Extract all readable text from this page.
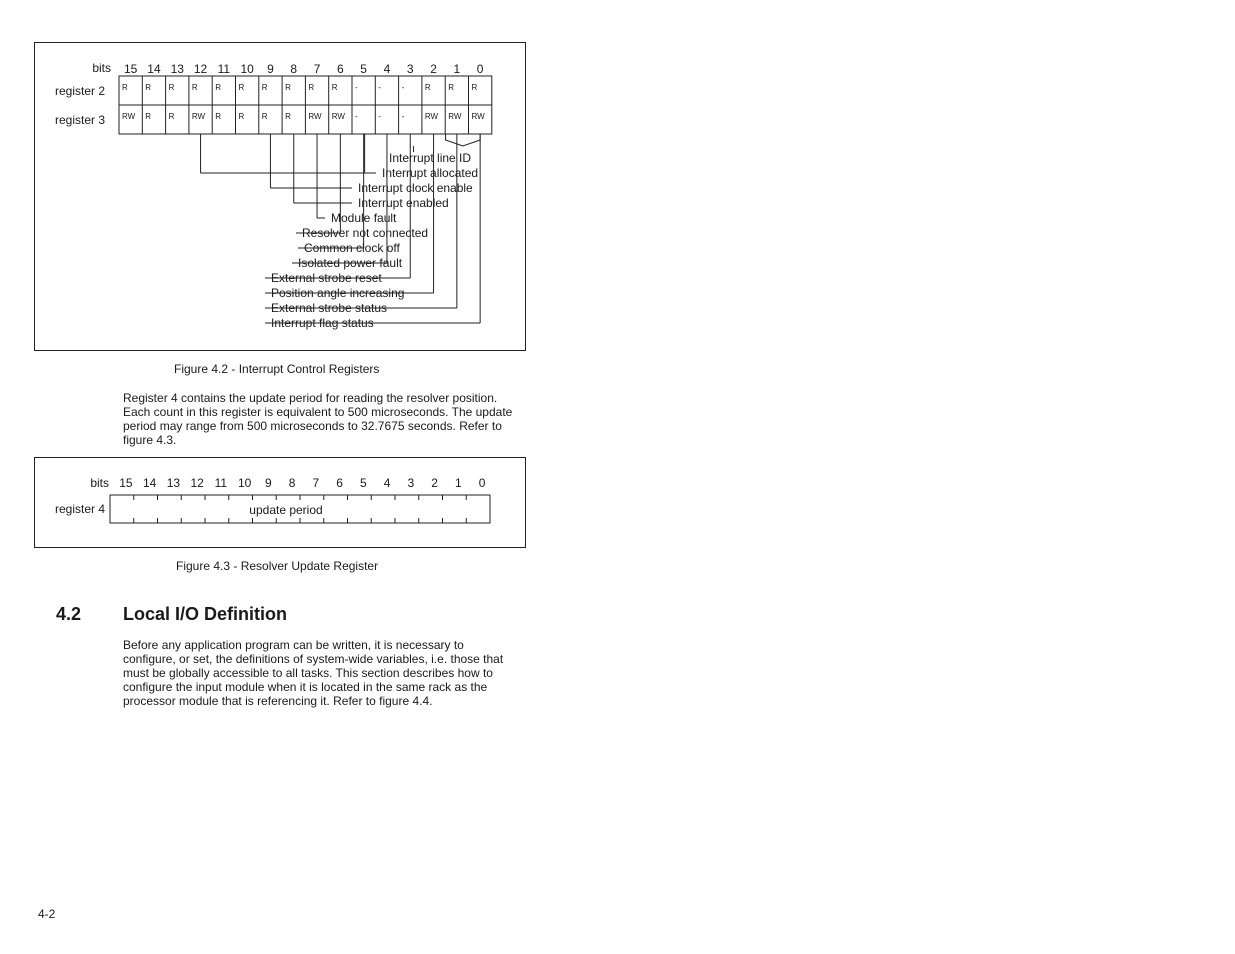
bits 15 14 13 12 11 10 9 8 7 6 5 4 3 2 1 0
register 2 R R R R R R R R R R -	-	-	R R R
register 3 RW R R RW R R R R RW RW -	-	-	RW RW RW
Interrupt line ID
Interrupt allocated
Interrupt clock enable
Interrupt enabled
Module fault
Resolver not connected
Common clock off
Isolated power fault
External strobe reset
Position angle increasing
External strobe status
Interrupt flag status
Figure 4.2 - Interrupt Control Registers

Register 4 contains the update period for reading the resolver position. Each count in this register is equivalent to 500 microseconds. The update period may range from 500 microseconds to 32.7675 seconds. Refer to figure 4.3.

bits 15 14 13 12 11 10 9 8 7 6 5 4 3 2 1 0
register 4	update period
Figure 4.3 - Resolver Update Register
4.2 Local I/O Definition

Before any application program can be written, it is necessary to configure, or set, the definitions of system-wide variables, i.e. those that must be globally accessible to all tasks. This section describes how to configure the input module when it is located in the same rack as the processor module that is referencing it. Refer to figure 4.4.

4-2
